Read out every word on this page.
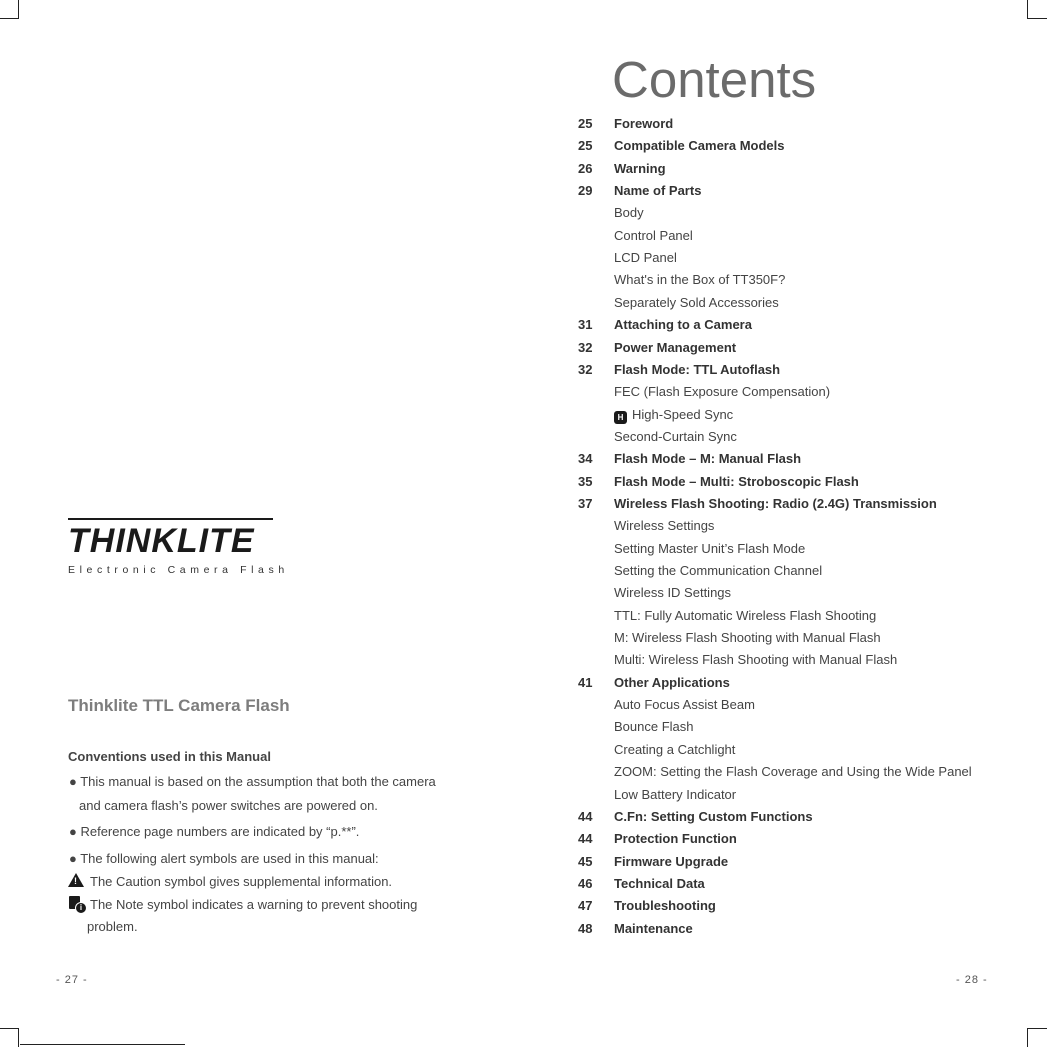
THINKLITE
Electronic Camera Flash
Thinklite TTL Camera Flash
Conventions used in this Manual
● This manual is based on the assumption that both the camera
and camera flash’s power switches are powered on.
● Reference page numbers are indicated by “p.**”.
● The following alert symbols are used in this manual:
! The Caution symbol gives supplemental information.
i The Note symbol indicates a warning to prevent shooting
problem.
- 27 -
Contents
25	Foreword
25	Compatible Camera Models
26	Warning
29	Name of Parts
Body
Control Panel
LCD Panel
What's in the Box of TT350F?
Separately Sold Accessories
31	Attaching to a Camera
32	Power Management
32	Flash Mode: TTL Autoflash
FEC (Flash Exposure Compensation)
H High-Speed Sync
Second-Curtain Sync
34	Flash Mode – M: Manual Flash
35	Flash Mode – Multi: Stroboscopic Flash
37	Wireless Flash Shooting: Radio (2.4G) Transmission
Wireless Settings
Setting Master Unit’s Flash Mode
Setting the Communication Channel
Wireless ID Settings
TTL: Fully Automatic Wireless Flash Shooting
M: Wireless Flash Shooting with Manual Flash
Multi: Wireless Flash Shooting with Manual Flash
41	Other Applications
Auto Focus Assist Beam
Bounce Flash
Creating a Catchlight
ZOOM: Setting the Flash Coverage and Using the Wide Panel
Low Battery Indicator
44	C.Fn: Setting Custom Functions
44	Protection Function
45	Firmware Upgrade
46	Technical Data
47	Troubleshooting
48	Maintenance
- 28 -
